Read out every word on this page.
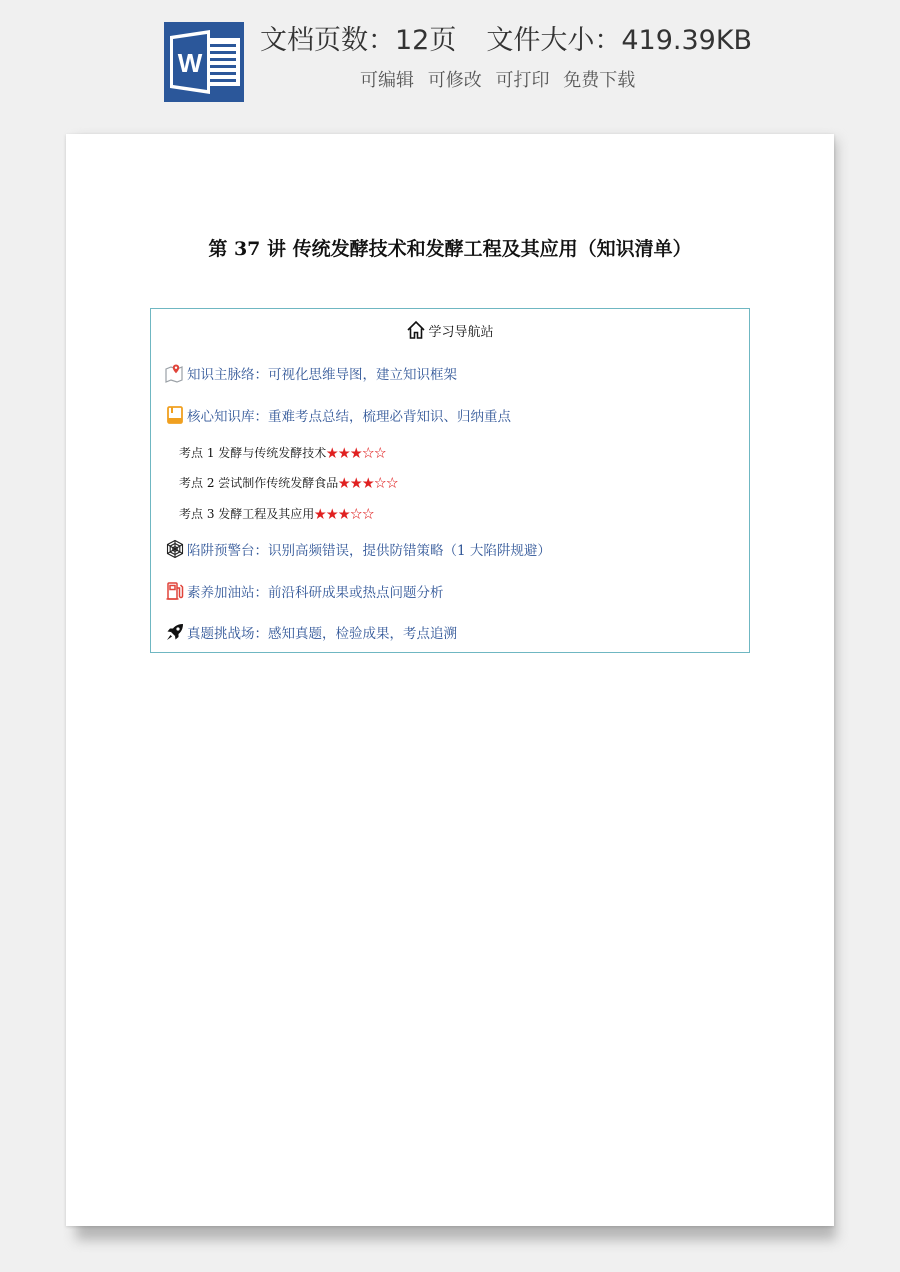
W
文档页数：12页 文件大小：419.39KB
可编辑 可修改 可打印 免费下载
第 37 讲 传统发酵技术和发酵工程及其应用（知识清单）
学习导航站
知识主脉络：可视化思维导图，建立知识框架
核心知识库：重难考点总结，梳理必背知识、归纳重点
考点 1 发酵与传统发酵技术★★★☆☆
考点 2 尝试制作传统发酵食品★★★☆☆
考点 3 发酵工程及其应用★★★☆☆
陷阱预警台：识别高频错误，提供防错策略（1 大陷阱规避）
素养加油站：前沿科研成果或热点问题分析
真题挑战场：感知真题，检验成果，考点追溯
